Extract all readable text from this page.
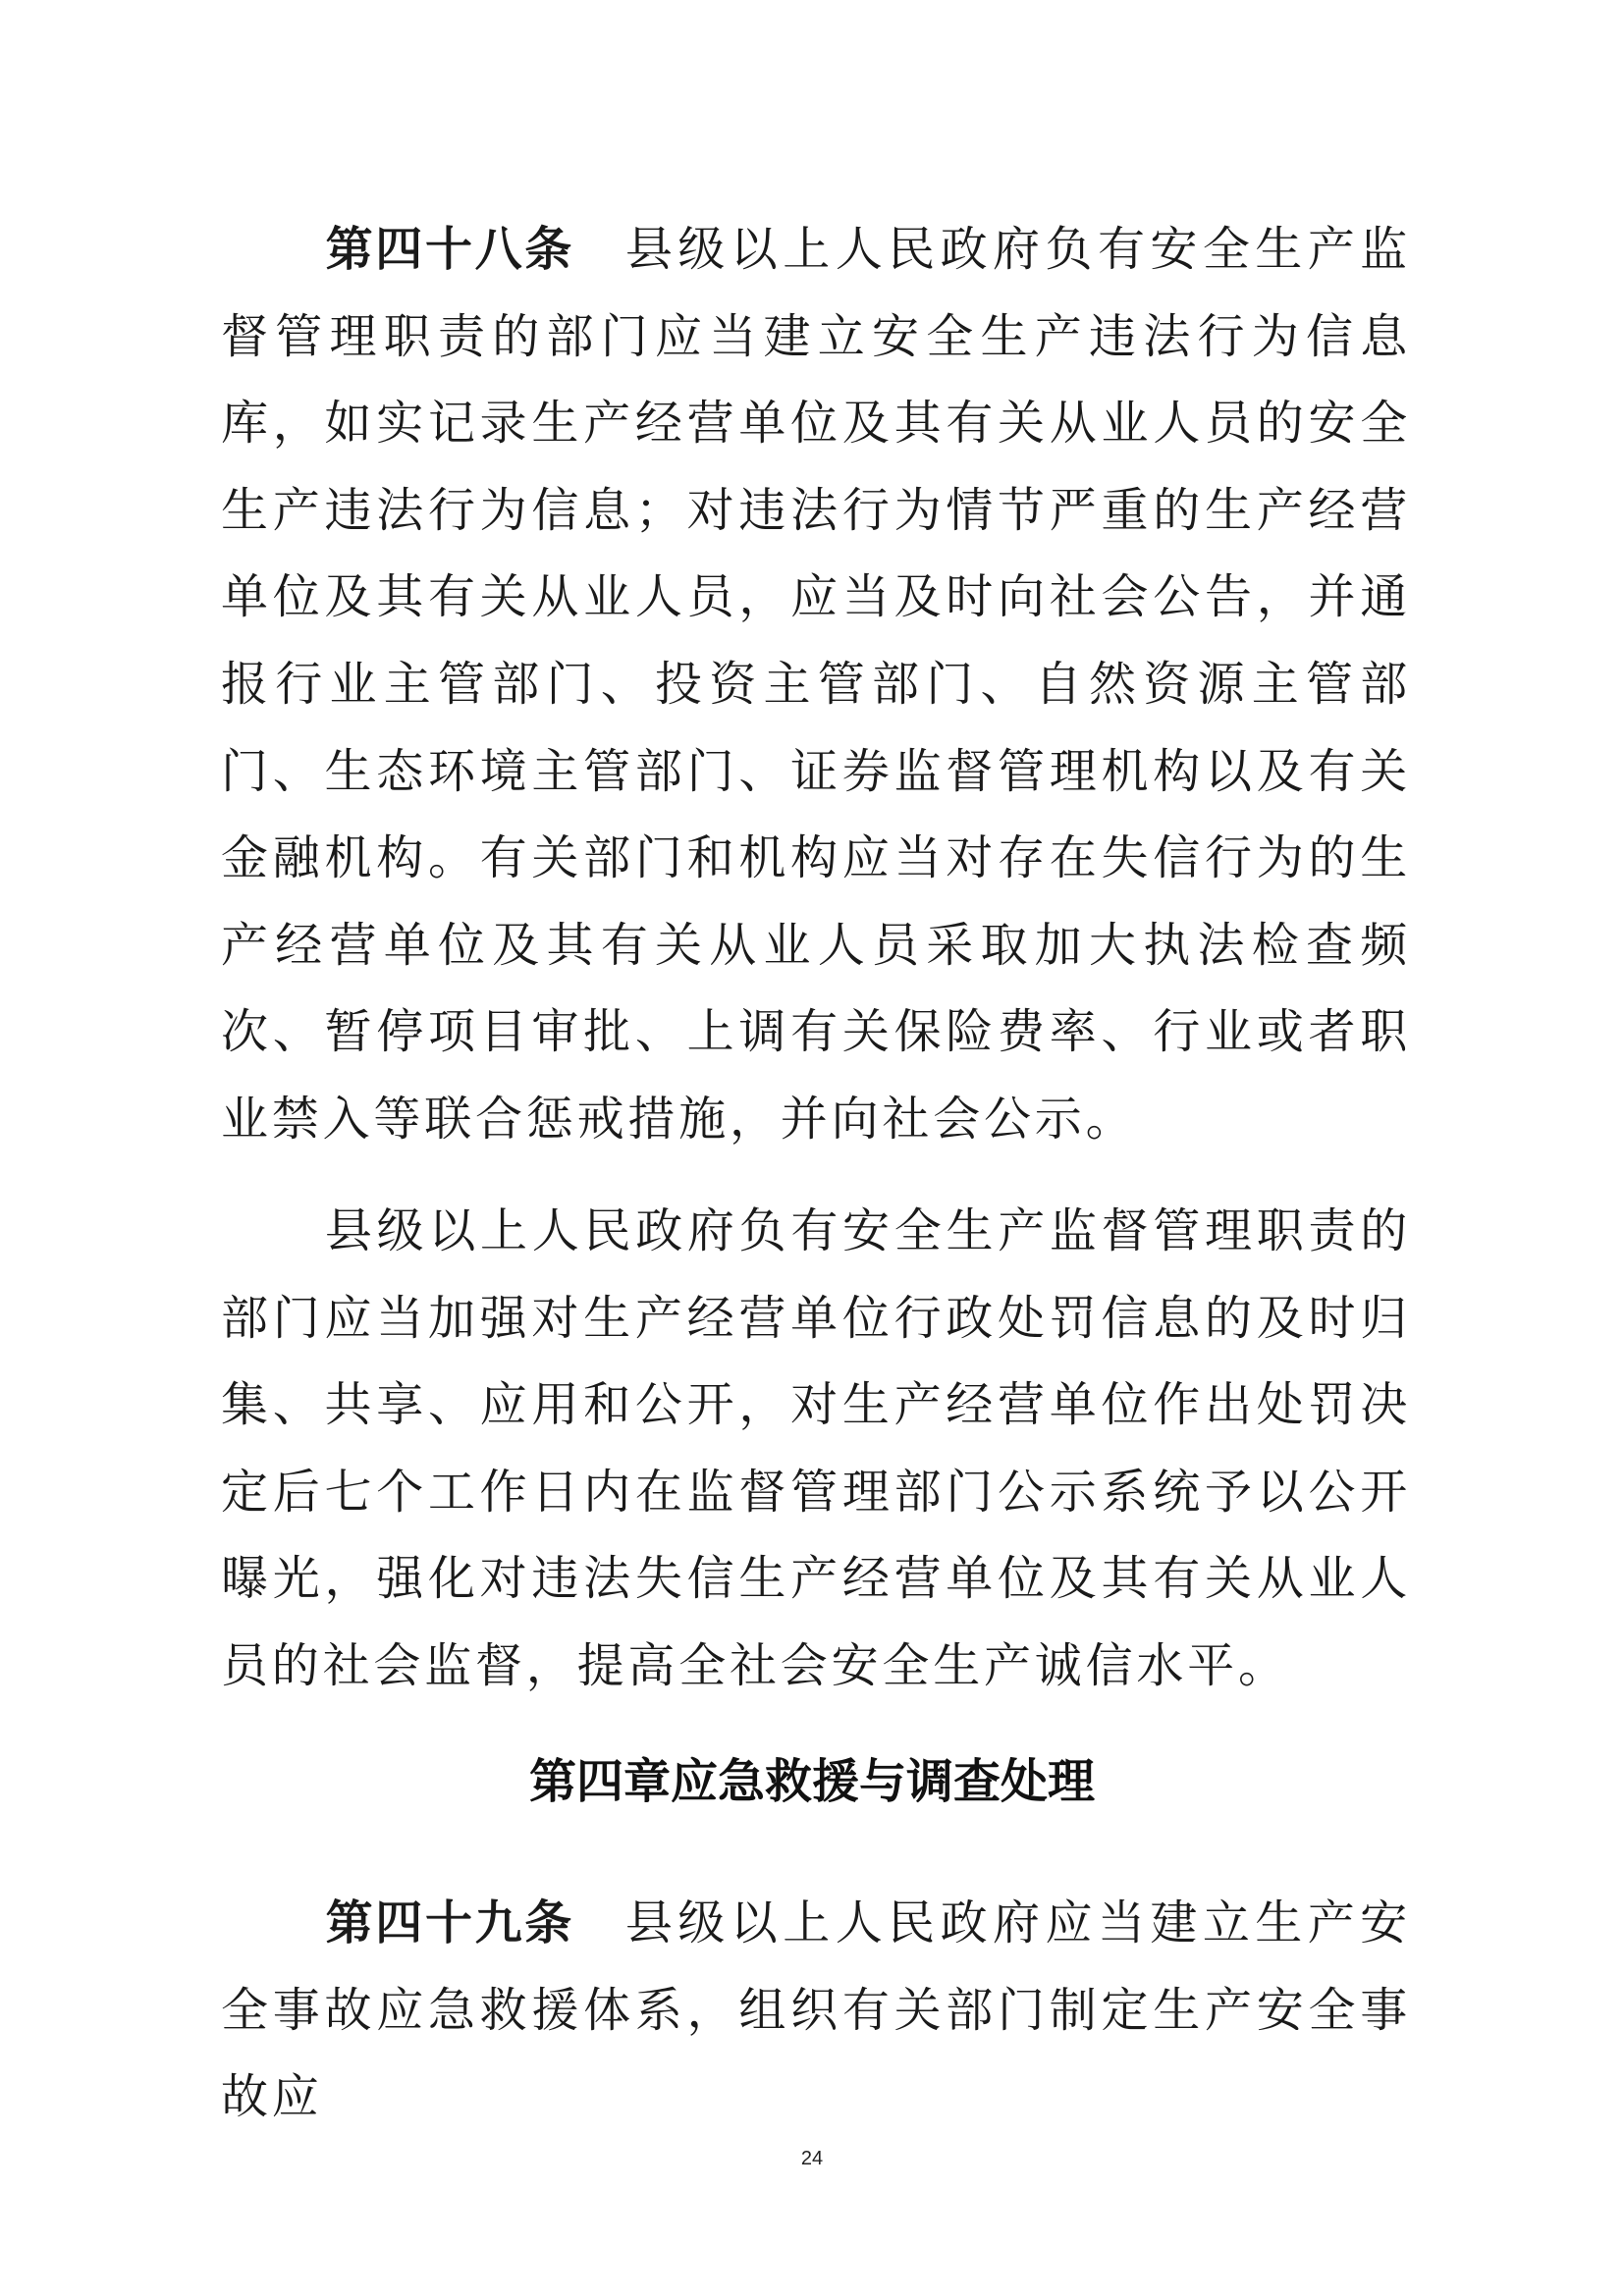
第四十八条 县级以上人民政府负有安全生产监督管理职责的部门应当建立安全生产违法行为信息库，如实记录生产经营单位及其有关从业人员的安全生产违法行为信息；对违法行为情节严重的生产经营单位及其有关从业人员，应当及时向社会公告，并通报行业主管部门、投资主管部门、自然资源主管部门、生态环境主管部门、证券监督管理机构以及有关金融机构。有关部门和机构应当对存在失信行为的生产经营单位及其有关从业人员采取加大执法检查频次、暂停项目审批、上调有关保险费率、行业或者职业禁入等联合惩戒措施，并向社会公示。

县级以上人民政府负有安全生产监督管理职责的部门应当加强对生产经营单位行政处罚信息的及时归集、共享、应用和公开，对生产经营单位作出处罚决定后七个工作日内在监督管理部门公示系统予以公开曝光，强化对违法失信生产经营单位及其有关从业人员的社会监督，提高全社会安全生产诚信水平。

第四章应急救援与调查处理

第四十九条 县级以上人民政府应当建立生产安全事故应急救援体系，组织有关部门制定生产安全事故应

24
